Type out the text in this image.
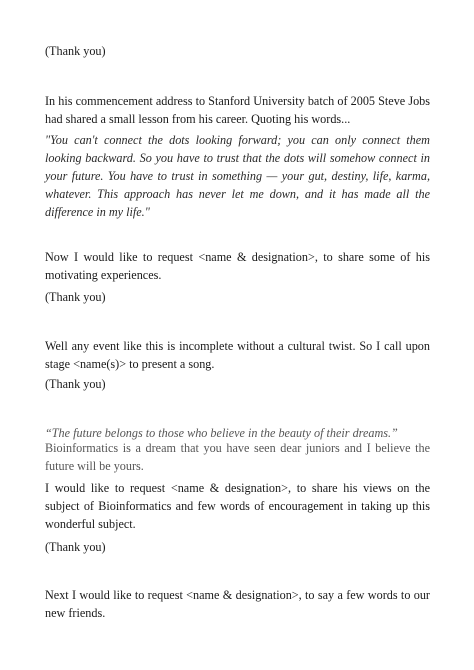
(Thank you)

In his commencement address to Stanford University batch of 2005 Steve Jobs had shared a small lesson from his career. Quoting his words...

"You can't connect the dots looking forward; you can only connect them looking backward. So you have to trust that the dots will somehow connect in your future. You have to trust in something — your gut, destiny, life, karma, whatever. This approach has never let me down, and it has made all the difference in my life."

Now I would like to request <name & designation>, to share some of his motivating experiences.

(Thank you)

Well any event like this is incomplete without a cultural twist. So I call upon stage <name(s)> to present a song.

(Thank you)

“The future belongs to those who believe in the beauty of their dreams.”

Bioinformatics is a dream that you have seen dear juniors and I believe the future will be yours.

I would like to request <name & designation>, to share his views on the subject of Bioinformatics and few words of encouragement in taking up this wonderful subject.

(Thank you)

Next I would like to request <name & designation>, to say a few words to our new friends.
